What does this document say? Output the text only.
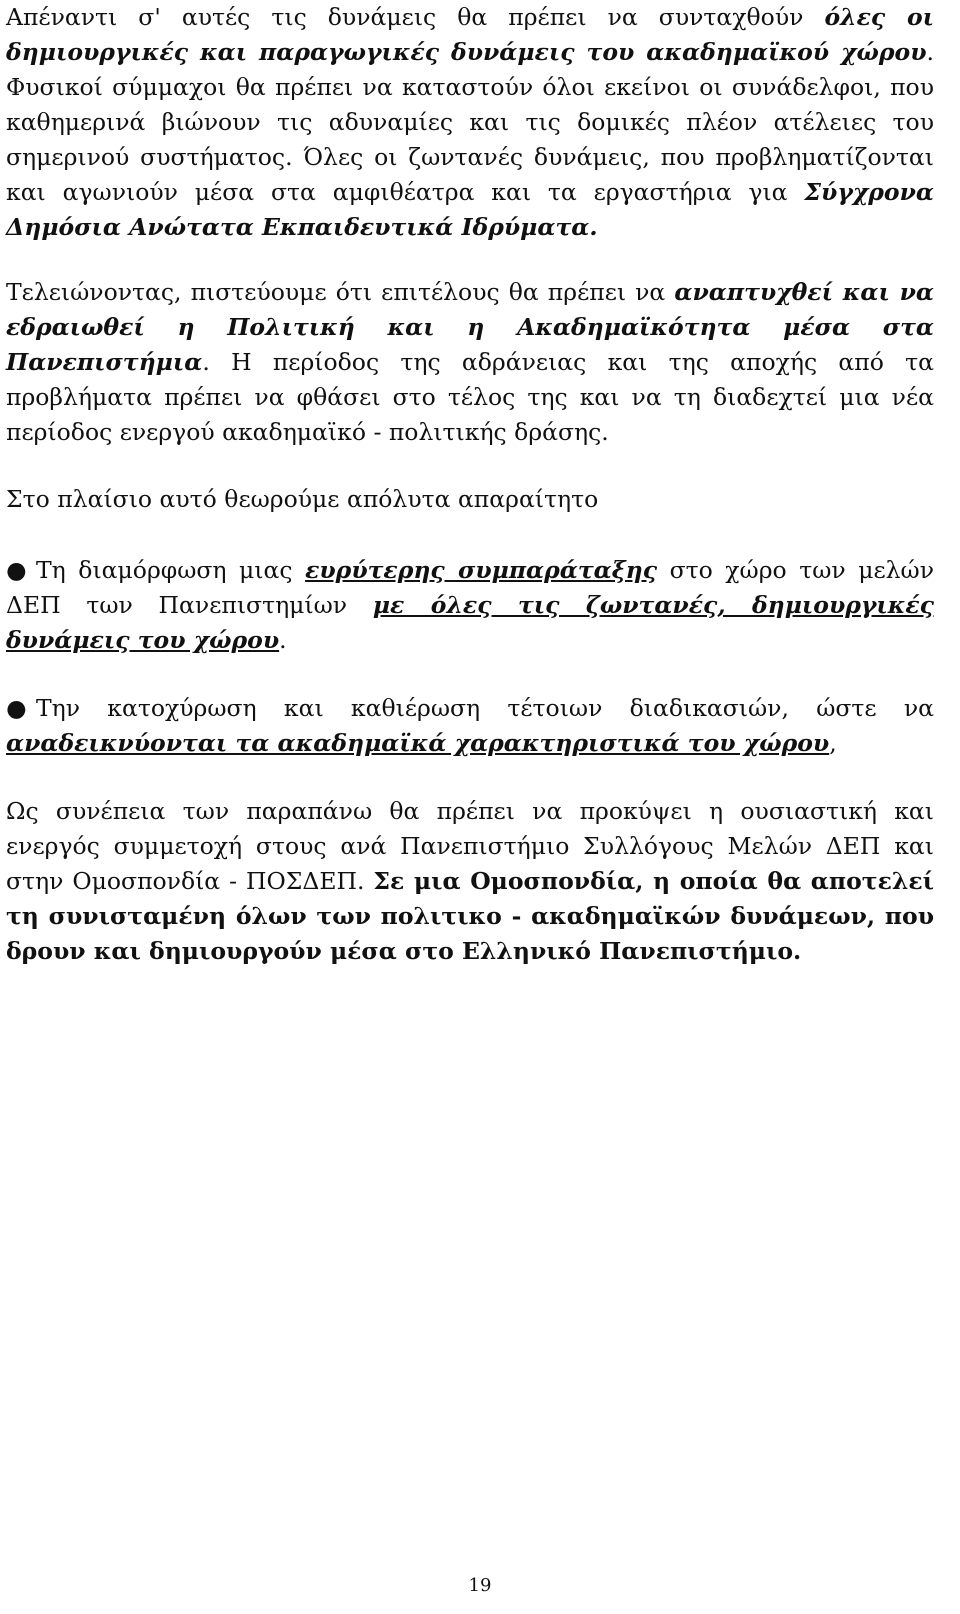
Απέναντι σ' αυτές τις δυνάμεις θα πρέπει να συνταχθούν όλες οι δημιουργικές και παραγωγικές δυνάμεις του ακαδημαϊκού χώρου. Φυσικοί σύμμαχοι θα πρέπει να καταστούν όλοι εκείνοι οι συνάδελφοι, που καθημερινά βιώνουν τις αδυναμίες και τις δομικές πλέον ατέλειες του σημερινού συστήματος. Όλες οι ζωντανές δυνάμεις, που προβληματίζονται και αγωνιούν μέσα στα αμφιθέατρα και τα εργαστήρια για Σύγχρονα Δημόσια Ανώτατα Εκπαιδευτικά Ιδρύματα.

Τελειώνοντας, πιστεύουμε ότι επιτέλους θα πρέπει να αναπτυχθεί και να εδραιωθεί η Πολιτική και η Ακαδημαϊκότητα μέσα στα Πανεπιστήμια. Η περίοδος της αδράνειας και της αποχής από τα προβλήματα πρέπει να φθάσει στο τέλος της και να τη διαδεχτεί μια νέα περίοδος ενεργού ακαδημαϊκό - πολιτικής δράσης.

Στο πλαίσιο αυτό θεωρούμε απόλυτα απαραίτητο

● Τη διαμόρφωση μιας ευρύτερης συμπαράταξης στο χώρο των μελών ΔΕΠ των Πανεπιστημίων με όλες τις ζωντανές, δημιουργικές δυνάμεις του χώρου.

● Την κατοχύρωση και καθιέρωση τέτοιων διαδικασιών, ώστε να αναδεικνύονται τα ακαδημαϊκά χαρακτηριστικά του χώρου,

Ως συνέπεια των παραπάνω θα πρέπει να προκύψει η ουσιαστική και ενεργός συμμετοχή στους ανά Πανεπιστήμιο Συλλόγους Μελών ΔΕΠ και στην Ομοσπονδία - ΠΟΣΔΕΠ. Σε μια Ομοσπονδία, η οποία θα αποτελεί τη συνισταμένη όλων των πολιτικο - ακαδημαϊκών δυνάμεων, που δρουν και δημιουργούν μέσα στο Ελληνικό Πανεπιστήμιο.

19
